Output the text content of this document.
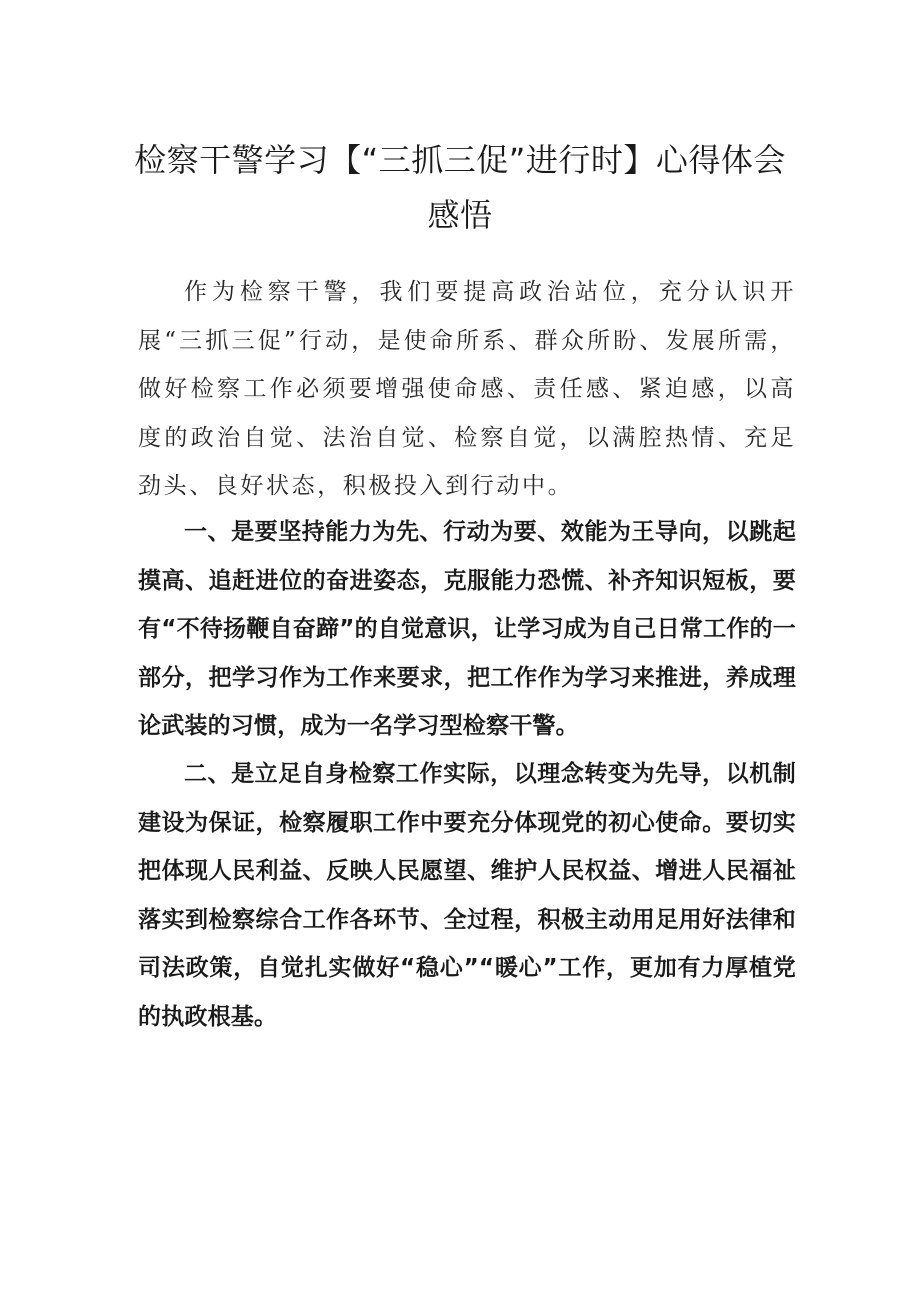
检察干警学习【“三抓三促”进行时】心得体会感悟

作为检察干警，我们要提高政治站位，充分认识开展“三抓三促”行动，是使命所系、群众所盼、发展所需，做好检察工作必须要增强使命感、责任感、紧迫感，以高度的政治自觉、法治自觉、检察自觉，以满腔热情、充足劲头、良好状态，积极投入到行动中。

一、是要坚持能力为先、行动为要、效能为王导向，以跳起摸高、追赶进位的奋进姿态，克服能力恐慌、补齐知识短板，要有“不待扬鞭自奋蹄”的自觉意识，让学习成为自己日常工作的一部分，把学习作为工作来要求，把工作作为学习来推进，养成理论武装的习惯，成为一名学习型检察干警。

二、是立足自身检察工作实际，以理念转变为先导，以机制建设为保证，检察履职工作中要充分体现党的初心使命。要切实把体现人民利益、反映人民愿望、维护人民权益、增进人民福祉落实到检察综合工作各环节、全过程，积极主动用足用好法律和司法政策，自觉扎实做好“稳心”“暖心”工作，更加有力厚植党的执政根基。
